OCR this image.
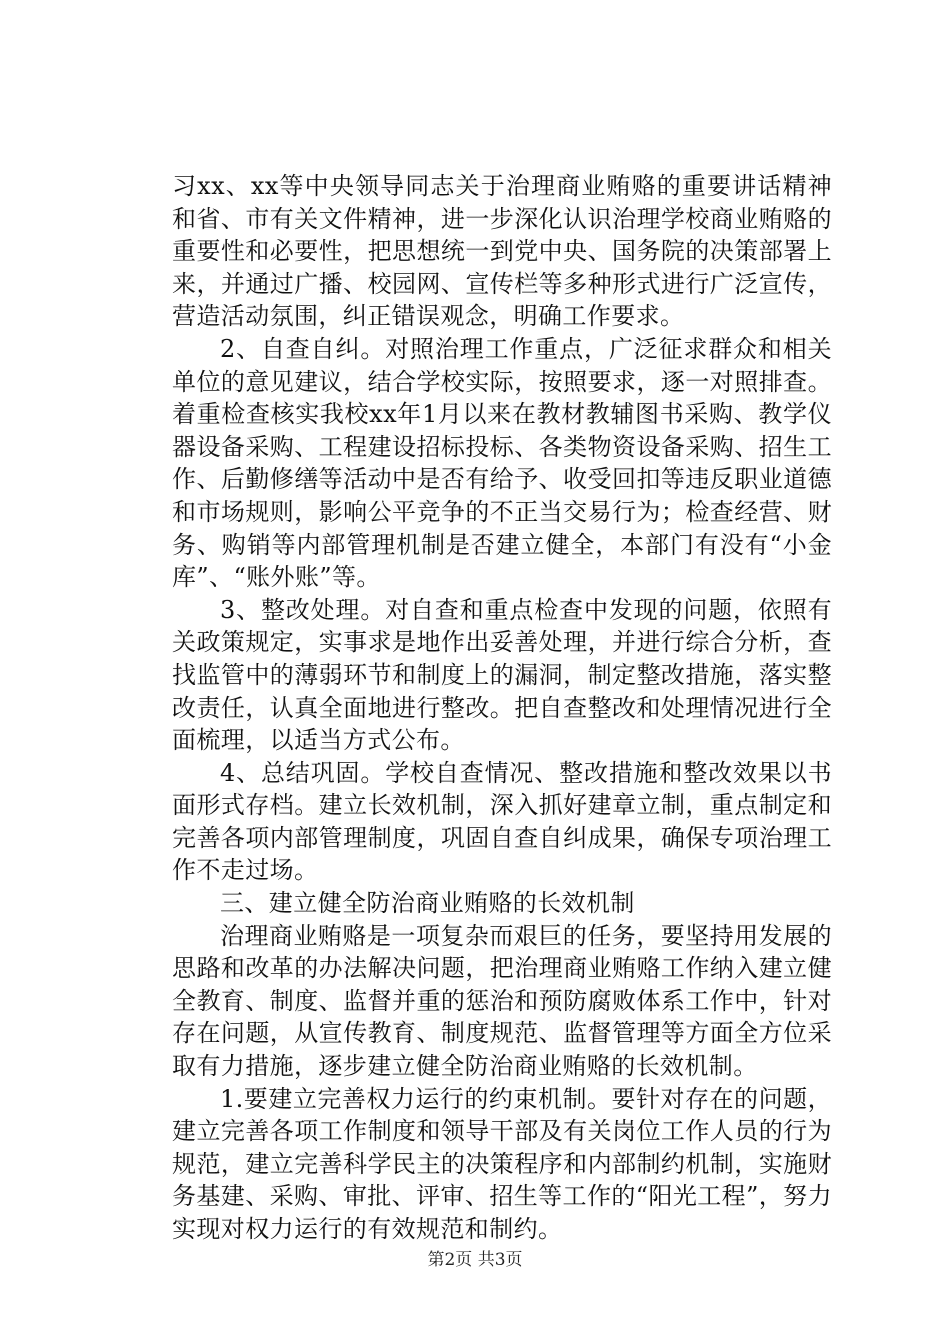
习xx、xx等中央领导同志关于治理商业贿赂的重要讲话精神和省、市有关文件精神，进一步深化认识治理学校商业贿赂的重要性和必要性，把思想统一到党中央、国务院的决策部署上来，并通过广播、校园网、宣传栏等多种形式进行广泛宣传，营造活动氛围，纠正错误观念，明确工作要求。

2、自查自纠。对照治理工作重点，广泛征求群众和相关单位的意见建议，结合学校实际，按照要求，逐一对照排查。着重检查核实我校xx年1月以来在教材教辅图书采购、教学仪器设备采购、工程建设招标投标、各类物资设备采购、招生工作、后勤修缮等活动中是否有给予、收受回扣等违反职业道德和市场规则，影响公平竞争的不正当交易行为；检查经营、财务、购销等内部管理机制是否建立健全，本部门有没有“小金库”、“账外账”等。

3、整改处理。对自查和重点检查中发现的问题，依照有关政策规定，实事求是地作出妥善处理，并进行综合分析，查找监管中的薄弱环节和制度上的漏洞，制定整改措施，落实整改责任，认真全面地进行整改。把自查整改和处理情况进行全面梳理，以适当方式公布。

4、总结巩固。学校自查情况、整改措施和整改效果以书面形式存档。建立长效机制，深入抓好建章立制，重点制定和完善各项内部管理制度，巩固自查自纠成果，确保专项治理工作不走过场。

三、建立健全防治商业贿赂的长效机制

治理商业贿赂是一项复杂而艰巨的任务，要坚持用发展的思路和改革的办法解决问题，把治理商业贿赂工作纳入建立健全教育、制度、监督并重的惩治和预防腐败体系工作中，针对存在问题，从宣传教育、制度规范、监督管理等方面全方位采取有力措施，逐步建立健全防治商业贿赂的长效机制。

1.要建立完善权力运行的约束机制。要针对存在的问题，建立完善各项工作制度和领导干部及有关岗位工作人员的行为规范，建立完善科学民主的决策程序和内部制约机制，实施财务基建、采购、审批、评审、招生等工作的“阳光工程”，努力实现对权力运行的有效规范和制约。

第2页 共3页
